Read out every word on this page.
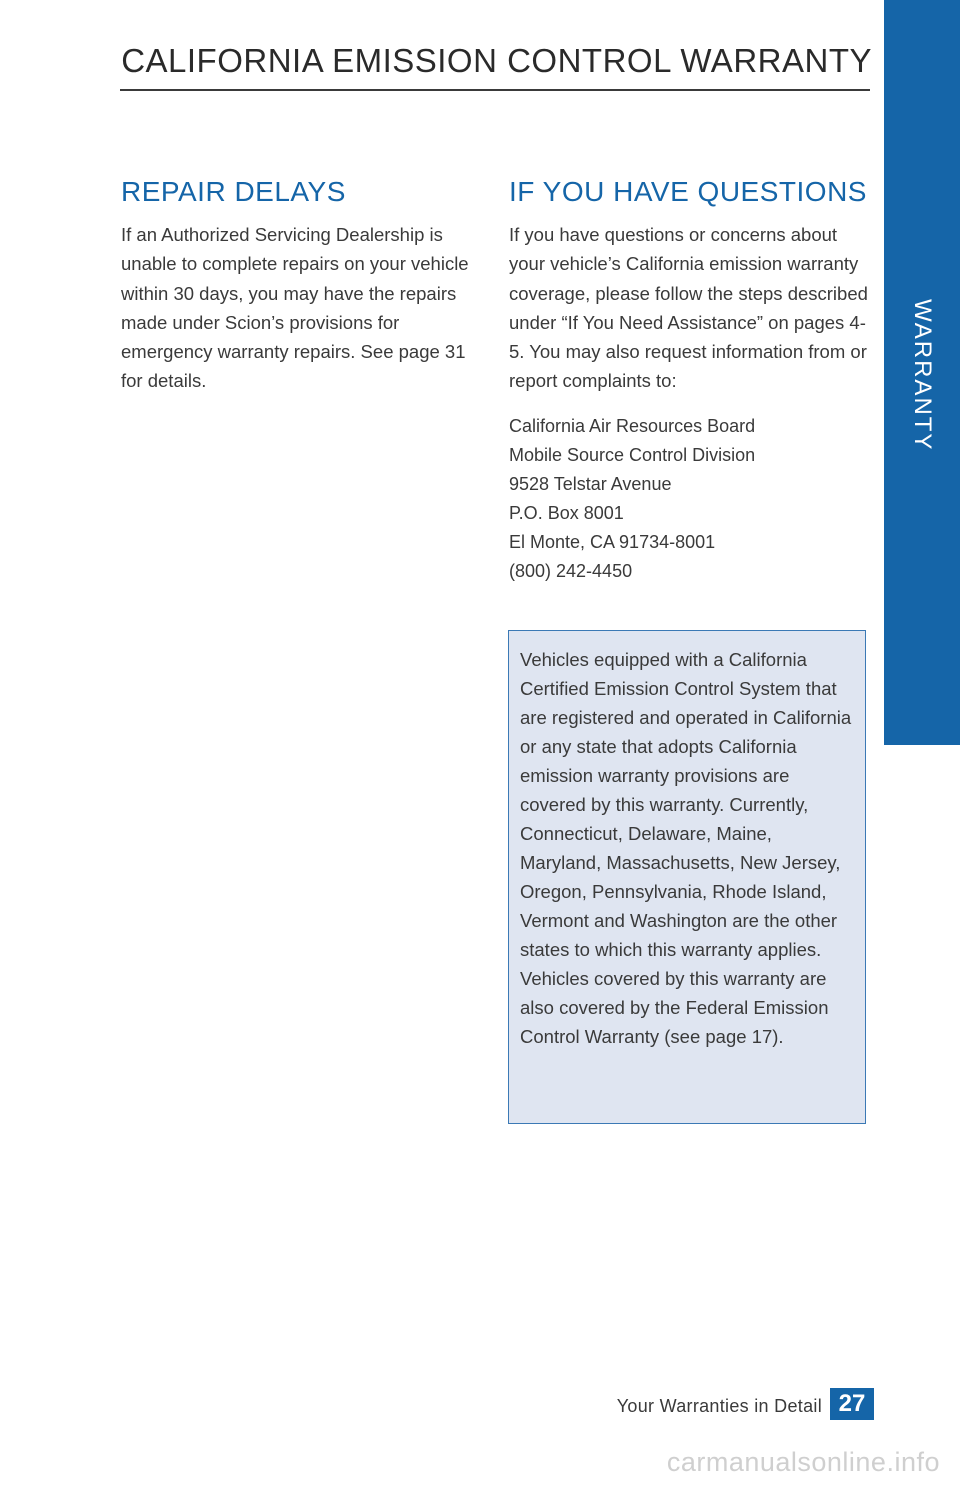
WARRANTY
CALIFORNIA EMISSION CONTROL WARRANTY
REPAIR DELAYS

If an Authorized Servicing Dealership is unable to complete repairs on your vehicle within 30 days, you may have the repairs made under Scion’s provisions for emergency warranty repairs. See page 31 for details.

IF YOU HAVE QUESTIONS

If you have questions or concerns about your vehicle’s California emission warranty coverage, please follow the steps described under “If You Need Assistance” on pages 4-5. You may also request information from or report complaints to:

California Air Resources Board
Mobile Source Control Division
9528 Telstar Avenue
P.O. Box 8001
El Monte, CA 91734-8001
(800) 242-4450

Vehicles equipped with a California Certified Emission Control System that are registered and operated in California or any state that adopts California emission warranty provisions are covered by this warranty. Currently, Connecticut, Delaware, Maine, Maryland, Massachusetts, New Jersey, Oregon, Pennsylvania, Rhode Island, Vermont and Washington are the other states to which this warranty applies. Vehicles covered by this warranty are also covered by the Federal Emission Control Warranty (see page 17).

Your Warranties in Detail 27
carmanualsonline.info
